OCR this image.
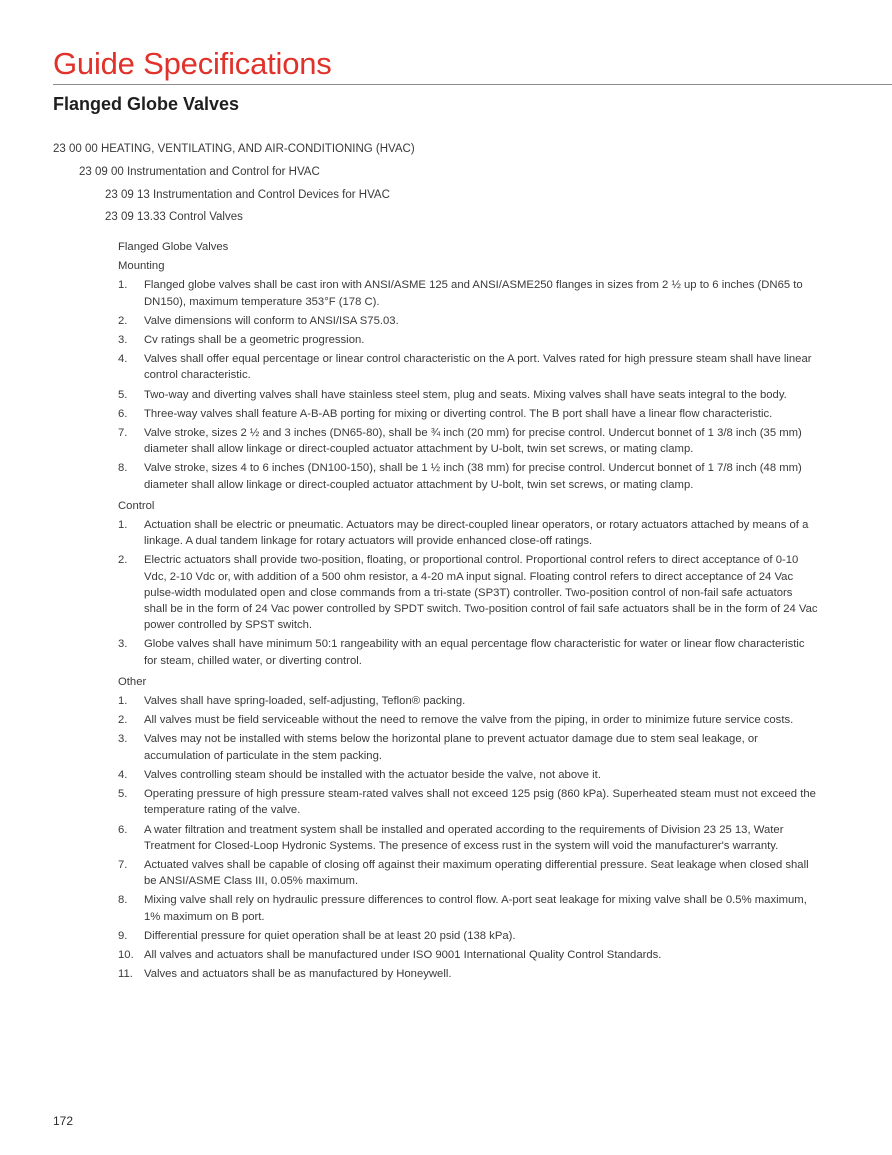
Guide Specifications
Flanged Globe Valves
23 00 00 HEATING, VENTILATING, AND AIR-CONDITIONING (HVAC)
23 09 00 Instrumentation and Control for HVAC
23 09 13 Instrumentation and Control Devices for HVAC
23 09 13.33 Control Valves
Flanged Globe Valves
Mounting
1. Flanged globe valves shall be cast iron with ANSI/ASME 125 and ANSI/ASME250 flanges in sizes from 2 ½ up to 6 inches (DN65 to DN150), maximum temperature 353°F (178 C).
2. Valve dimensions will conform to ANSI/ISA S75.03.
3. Cv ratings shall be a geometric progression.
4. Valves shall offer equal percentage or linear control characteristic on the A port. Valves rated for high pressure steam shall have linear control characteristic.
5. Two-way and diverting valves shall have stainless steel stem, plug and seats. Mixing valves shall have seats integral to the body.
6. Three-way valves shall feature A-B-AB porting for mixing or diverting control. The B port shall have a linear flow characteristic.
7. Valve stroke, sizes 2 ½ and 3 inches (DN65-80), shall be ¾ inch (20 mm) for precise control. Undercut bonnet of 1 3/8 inch (35 mm) diameter shall allow linkage or direct-coupled actuator attachment by U-bolt, twin set screws, or mating clamp.
8. Valve stroke, sizes 4 to 6 inches (DN100-150), shall be 1 ½ inch (38 mm) for precise control. Undercut bonnet of 1 7/8 inch (48 mm) diameter shall allow linkage or direct-coupled actuator attachment by U-bolt, twin set screws, or mating clamp.
Control
1. Actuation shall be electric or pneumatic. Actuators may be direct-coupled linear operators, or rotary actuators attached by means of a linkage. A dual tandem linkage for rotary actuators will provide enhanced close-off ratings.
2. Electric actuators shall provide two-position, floating, or proportional control. Proportional control refers to direct acceptance of 0-10 Vdc, 2-10 Vdc or, with addition of a 500 ohm resistor, a 4-20 mA input signal. Floating control refers to direct acceptance of 24 Vac pulse-width modulated open and close commands from a tri-state (SP3T) controller. Two-position control of non-fail safe actuators shall be in the form of 24 Vac power controlled by SPDT switch. Two-position control of fail safe actuators shall be in the form of 24 Vac power controlled by SPST switch.
3. Globe valves shall have minimum 50:1 rangeability with an equal percentage flow characteristic for water or linear flow characteristic for steam, chilled water, or diverting control.
Other
1. Valves shall have spring-loaded, self-adjusting, Teflon® packing.
2. All valves must be field serviceable without the need to remove the valve from the piping, in order to minimize future service costs.
3. Valves may not be installed with stems below the horizontal plane to prevent actuator damage due to stem seal leakage, or accumulation of particulate in the stem packing.
4. Valves controlling steam should be installed with the actuator beside the valve, not above it.
5. Operating pressure of high pressure steam-rated valves shall not exceed 125 psig (860 kPa). Superheated steam must not exceed the temperature rating of the valve.
6. A water filtration and treatment system shall be installed and operated according to the requirements of Division 23 25 13, Water Treatment for Closed-Loop Hydronic Systems. The presence of excess rust in the system will void the manufacturer's warranty.
7. Actuated valves shall be capable of closing off against their maximum operating differential pressure. Seat leakage when closed shall be ANSI/ASME Class III, 0.05% maximum.
8. Mixing valve shall rely on hydraulic pressure differences to control flow. A-port seat leakage for mixing valve shall be 0.5% maximum, 1% maximum on B port.
9. Differential pressure for quiet operation shall be at least 20 psid (138 kPa).
10. All valves and actuators shall be manufactured under ISO 9001 International Quality Control Standards.
11. Valves and actuators shall be as manufactured by Honeywell.
172
